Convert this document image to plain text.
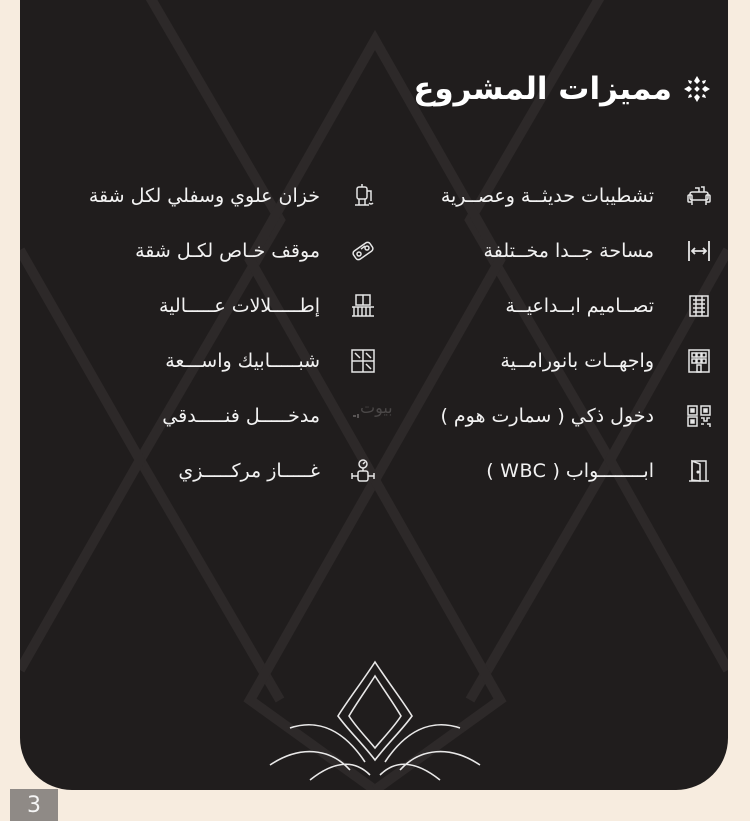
مميزات المشروع
تشطيبات حديثــة وعصــرية
مساحة جــدا مخــتلفة
تصــاميم ابــداعيــة
واجهــات بانورامــية
دخول ذكي ( سمارت هوم )
ابــــــــواب ( WBC )
خزان علوي وسفلي لكل شقة
موقف خـاص لكـل شقة
إطـــــلالات عـــــالية
شبـــــابيك واســـعة
مدخـــــل فنـــــدقي
غـــــاز مركـــــزي
بيوت
3
